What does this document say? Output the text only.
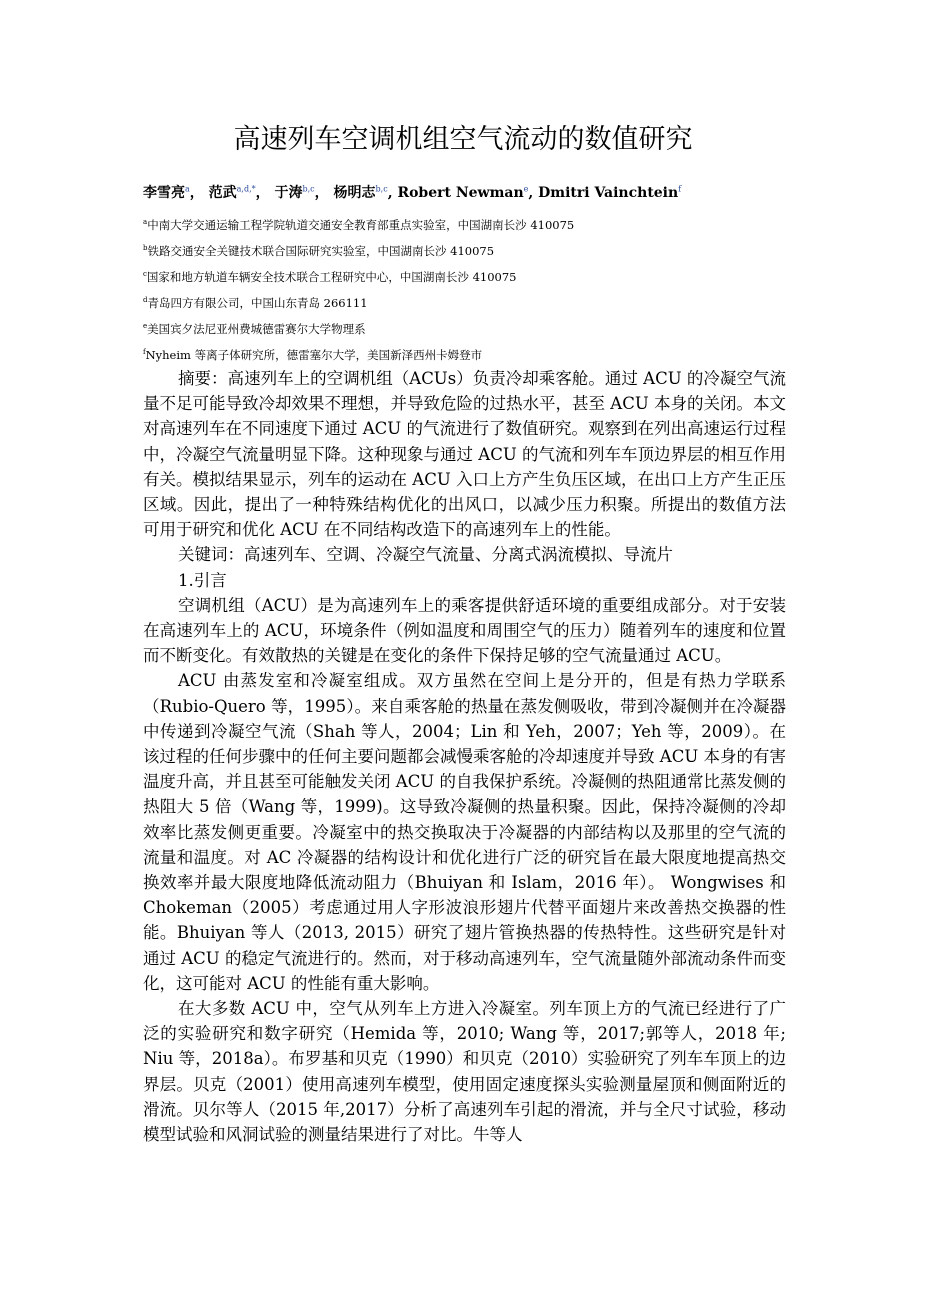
高速列车空调机组空气流动的数值研究
李雪亮$^a$， 范武$^{a,d,*}$， 于涛$^{b,c}$， 杨明志$^{b,c}$, Robert Newman$^e$, Dmitri Vainchtein$^f$
$^a$中南大学交通运输工程学院轨道交通安全教育部重点实验室，中国湖南长沙 410075
$^b$铁路交通安全关键技术联合国际研究实验室，中国湖南长沙 410075
$^c$国家和地方轨道车辆安全技术联合工程研究中心，中国湖南长沙 410075
$^d$青岛四方有限公司，中国山东青岛 266111
$^e$美国宾夕法尼亚州费城德雷赛尔大学物理系
$^f$Nyheim 等离子体研究所，德雷塞尔大学，美国新泽西州卡姆登市

摘要：高速列车上的空调机组（ACUs）负责冷却乘客舱。通过 ACU 的冷凝空气流量不足可能导致冷却效果不理想，并导致危险的过热水平，甚至 ACU 本身的关闭。本文对高速列车在不同速度下通过 ACU 的气流进行了数值研究。观察到在列出高速运行过程中，冷凝空气流量明显下降。这种现象与通过 ACU 的气流和列车车顶边界层的相互作用有关。模拟结果显示，列车的运动在 ACU 入口上方产生负压区域，在出口上方产生正压区域。因此，提出了一种特殊结构优化的出风口，以减少压力积聚。所提出的数值方法可用于研究和优化 ACU 在不同结构改造下的高速列车上的性能。

关键词：高速列车、空调、冷凝空气流量、分离式涡流模拟、导流片

1.引言

空调机组（ACU）是为高速列车上的乘客提供舒适环境的重要组成部分。对于安装在高速列车上的 ACU，环境条件（例如温度和周围空气的压力）随着列车的速度和位置而不断变化。有效散热的关键是在变化的条件下保持足够的空气流量通过 ACU。

ACU 由蒸发室和冷凝室组成。双方虽然在空间上是分开的，但是有热力学联系（Rubio-Quero 等，1995）。来自乘客舱的热量在蒸发侧吸收，带到冷凝侧并在冷凝器中传递到冷凝空气流（Shah 等人，2004；Lin 和 Yeh，2007；Yeh 等，2009）。在该过程的任何步骤中的任何主要问题都会减慢乘客舱的冷却速度并导致 ACU 本身的有害温度升高，并且甚至可能触发关闭 ACU 的自我保护系统。冷凝侧的热阻通常比蒸发侧的热阻大 5 倍（Wang 等，1999)。这导致冷凝侧的热量积聚。因此，保持冷凝侧的冷却效率比蒸发侧更重要。冷凝室中的热交换取决于冷凝器的内部结构以及那里的空气流的流量和温度。对 AC 冷凝器的结构设计和优化进行广泛的研究旨在最大限度地提高热交换效率并最大限度地降低流动阻力（Bhuiyan 和 Islam，2016 年）。 Wongwises 和 Chokeman（2005）考虑通过用人字形波浪形翅片代替平面翅片来改善热交换器的性能。Bhuiyan 等人（2013, 2015）研究了翅片管换热器的传热特性。这些研究是针对通过 ACU 的稳定气流进行的。然而，对于移动高速列车，空气流量随外部流动条件而变化，这可能对 ACU 的性能有重大影响。

在大多数 ACU 中，空气从列车上方进入冷凝室。列车顶上方的气流已经进行了广泛的实验研究和数字研究（Hemida 等，2010; Wang 等，2017;郭等人，2018 年; Niu 等，2018a）。布罗基和贝克（1990）和贝克（2010）实验研究了列车车顶上的边界层。贝克（2001）使用高速列车模型，使用固定速度探头实验测量屋顶和侧面附近的滑流。贝尔等人（2015 年,2017）分析了高速列车引起的滑流，并与全尺寸试验，移动模型试验和风洞试验的测量结果进行了对比。牛等人
